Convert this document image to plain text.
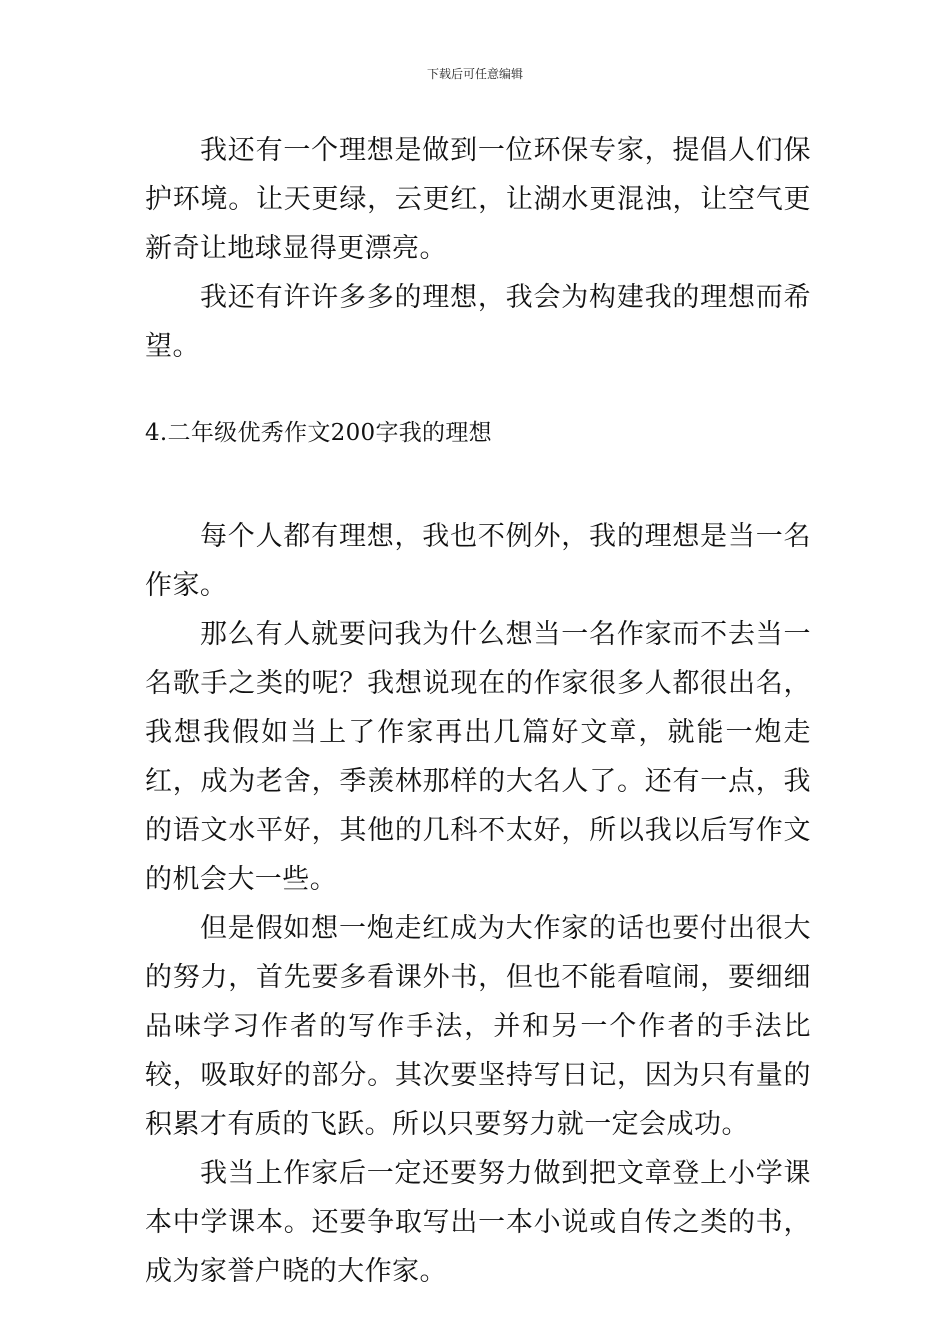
下载后可任意编辑

我还有一个理想是做到一位环保专家，提倡人们保护环境。让天更绿，云更红，让湖水更混浊，让空气更新奇让地球显得更漂亮。

我还有许许多多的理想，我会为构建我的理想而希望。

4.二年级优秀作文200字我的理想

每个人都有理想，我也不例外，我的理想是当一名作家。

那么有人就要问我为什么想当一名作家而不去当一名歌手之类的呢？我想说现在的作家很多人都很出名，我想我假如当上了作家再出几篇好文章，就能一炮走红，成为老舍，季羡林那样的大名人了。还有一点，我的语文水平好，其他的几科不太好，所以我以后写作文的机会大一些。

但是假如想一炮走红成为大作家的话也要付出很大的努力，首先要多看课外书，但也不能看喧闹，要细细品味学习作者的写作手法，并和另一个作者的手法比较，吸取好的部分。其次要坚持写日记，因为只有量的积累才有质的飞跃。所以只要努力就一定会成功。

我当上作家后一定还要努力做到把文章登上小学课本中学课本。还要争取写出一本小说或自传之类的书，成为家誉户晓的大作家。
